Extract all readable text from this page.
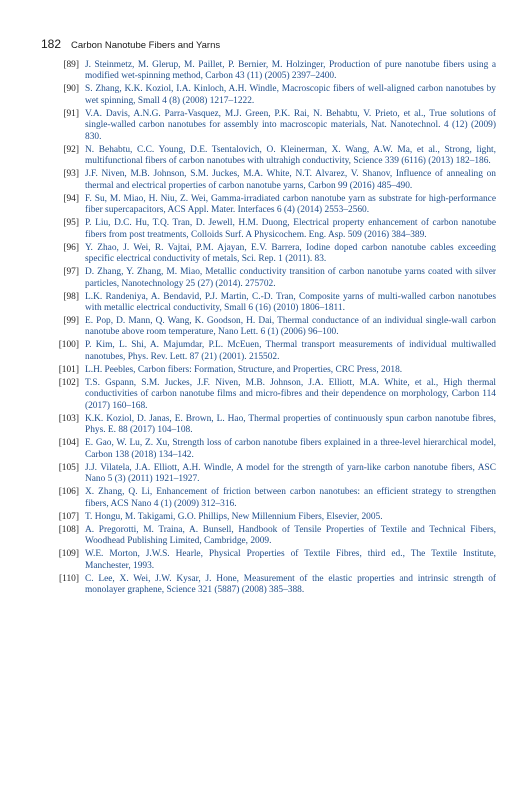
182 Carbon Nanotube Fibers and Yarns
[89] J. Steinmetz, M. Glerup, M. Paillet, P. Bernier, M. Holzinger, Production of pure nanotube fibers using a modified wet-spinning method, Carbon 43 (11) (2005) 2397–2400.
[90] S. Zhang, K.K. Koziol, I.A. Kinloch, A.H. Windle, Macroscopic fibers of well-aligned carbon nanotubes by wet spinning, Small 4 (8) (2008) 1217–1222.
[91] V.A. Davis, A.N.G. Parra-Vasquez, M.J. Green, P.K. Rai, N. Behabtu, V. Prieto, et al., True solutions of single-walled carbon nanotubes for assembly into macroscopic materials, Nat. Nanotechnol. 4 (12) (2009) 830.
[92] N. Behabtu, C.C. Young, D.E. Tsentalovich, O. Kleinerman, X. Wang, A.W. Ma, et al., Strong, light, multifunctional fibers of carbon nanotubes with ultrahigh conductivity, Science 339 (6116) (2013) 182–186.
[93] J.F. Niven, M.B. Johnson, S.M. Juckes, M.A. White, N.T. Alvarez, V. Shanov, Influence of annealing on thermal and electrical properties of carbon nanotube yarns, Carbon 99 (2016) 485–490.
[94] F. Su, M. Miao, H. Niu, Z. Wei, Gamma-irradiated carbon nanotube yarn as substrate for high-performance fiber supercapacitors, ACS Appl. Mater. Interfaces 6 (4) (2014) 2553–2560.
[95] P. Liu, D.C. Hu, T.Q. Tran, D. Jewell, H.M. Duong, Electrical property enhancement of carbon nanotube fibers from post treatments, Colloids Surf. A Physicochem. Eng. Asp. 509 (2016) 384–389.
[96] Y. Zhao, J. Wei, R. Vajtai, P.M. Ajayan, E.V. Barrera, Iodine doped carbon nanotube cables exceeding specific electrical conductivity of metals, Sci. Rep. 1 (2011). 83.
[97] D. Zhang, Y. Zhang, M. Miao, Metallic conductivity transition of carbon nanotube yarns coated with silver particles, Nanotechnology 25 (27) (2014). 275702.
[98] L.K. Randeniya, A. Bendavid, P.J. Martin, C.-D. Tran, Composite yarns of multi-walled carbon nanotubes with metallic electrical conductivity, Small 6 (16) (2010) 1806–1811.
[99] E. Pop, D. Mann, Q. Wang, K. Goodson, H. Dai, Thermal conductance of an individual single-wall carbon nanotube above room temperature, Nano Lett. 6 (1) (2006) 96–100.
[100] P. Kim, L. Shi, A. Majumdar, P.L. McEuen, Thermal transport measurements of individual multiwalled nanotubes, Phys. Rev. Lett. 87 (21) (2001). 215502.
[101] L.H. Peebles, Carbon fibers: Formation, Structure, and Properties, CRC Press, 2018.
[102] T.S. Gspann, S.M. Juckes, J.F. Niven, M.B. Johnson, J.A. Elliott, M.A. White, et al., High thermal conductivities of carbon nanotube films and micro-fibres and their dependence on morphology, Carbon 114 (2017) 160–168.
[103] K.K. Koziol, D. Janas, E. Brown, L. Hao, Thermal properties of continuously spun carbon nanotube fibres, Phys. E. 88 (2017) 104–108.
[104] E. Gao, W. Lu, Z. Xu, Strength loss of carbon nanotube fibers explained in a three-level hierarchical model, Carbon 138 (2018) 134–142.
[105] J.J. Vilatela, J.A. Elliott, A.H. Windle, A model for the strength of yarn-like carbon nanotube fibers, ASC Nano 5 (3) (2011) 1921–1927.
[106] X. Zhang, Q. Li, Enhancement of friction between carbon nanotubes: an efficient strategy to strengthen fibers, ACS Nano 4 (1) (2009) 312–316.
[107] T. Hongu, M. Takigami, G.O. Phillips, New Millennium Fibers, Elsevier, 2005.
[108] A. Pregorotti, M. Traina, A. Bunsell, Handbook of Tensile Properties of Textile and Technical Fibers, Woodhead Publishing Limited, Cambridge, 2009.
[109] W.E. Morton, J.W.S. Hearle, Physical Properties of Textile Fibres, third ed., The Textile Institute, Manchester, 1993.
[110] C. Lee, X. Wei, J.W. Kysar, J. Hone, Measurement of the elastic properties and intrinsic strength of monolayer graphene, Science 321 (5887) (2008) 385–388.
